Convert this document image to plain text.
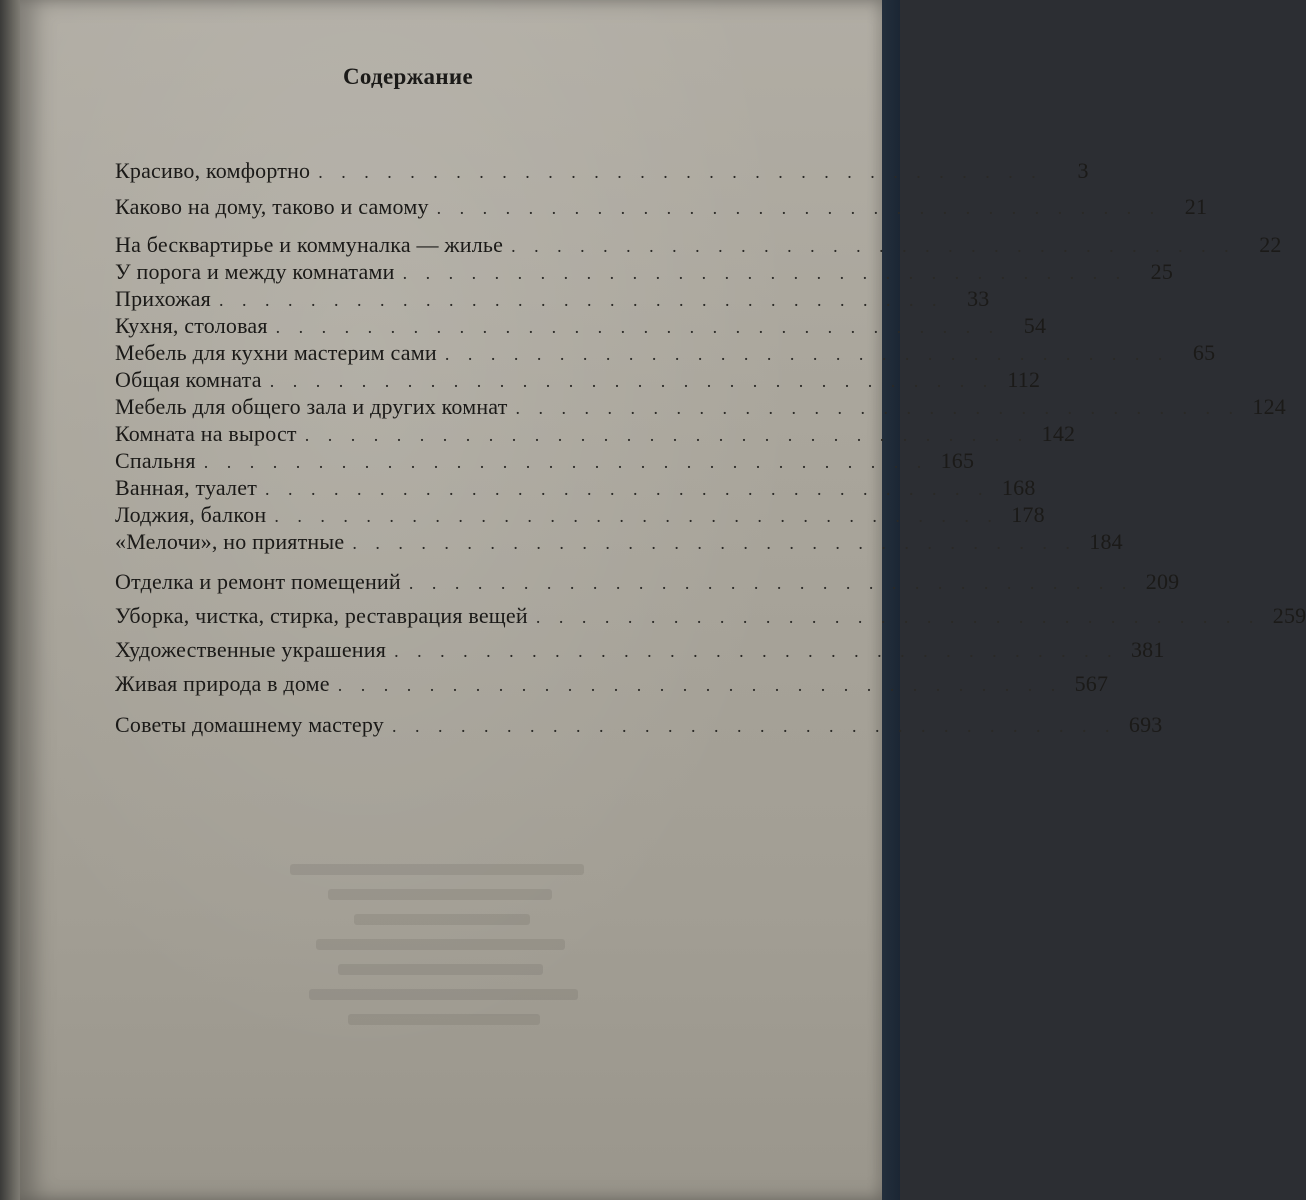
Содержание
Красиво, комфортно . . . . . . . . . . . . . . . . . . . . . . . . . . . . . . . .	3
Каково на дому, таково и самому . . . . . . . . . . . . . . . . . . . . . . . . . . . . . . . .	21
На бесквартирье и коммуналка — жилье . . . . . . . . . . . . . . . . . . . . . . . . . . . . . . . .	22
У порога и между комнатами . . . . . . . . . . . . . . . . . . . . . . . . . . . . . . . .	25
Прихожая . . . . . . . . . . . . . . . . . . . . . . . . . . . . . . . .	33
Кухня, столовая . . . . . . . . . . . . . . . . . . . . . . . . . . . . . . . .	54
Мебель для кухни мастерим сами . . . . . . . . . . . . . . . . . . . . . . . . . . . . . . . .	65
Общая комната . . . . . . . . . . . . . . . . . . . . . . . . . . . . . . . . 112
Мебель для общего зала и других комнат . . . . . . . . . . . . . . . . . . . . . . . . . . . . . . . . 124
Комната на вырост . . . . . . . . . . . . . . . . . . . . . . . . . . . . . . . . 142
Спальня . . . . . . . . . . . . . . . . . . . . . . . . . . . . . . . . 165
Ванная, туалет . . . . . . . . . . . . . . . . . . . . . . . . . . . . . . . . 168
Лоджия, балкон . . . . . . . . . . . . . . . . . . . . . . . . . . . . . . . . 178
«Мелочи», но приятные . . . . . . . . . . . . . . . . . . . . . . . . . . . . . . . . 184
Отделка и ремонт помещений . . . . . . . . . . . . . . . . . . . . . . . . . . . . . . . . 209
Уборка, чистка, стирка, реставрация вещей . . . . . . . . . . . . . . . . . . . . . . . . . . . . . . . . 259
Художественные украшения . . . . . . . . . . . . . . . . . . . . . . . . . . . . . . . . 381
Живая природа в доме . . . . . . . . . . . . . . . . . . . . . . . . . . . . . . . . 567
Советы домашнему мастеру . . . . . . . . . . . . . . . . . . . . . . . . . . . . . . . . 693
